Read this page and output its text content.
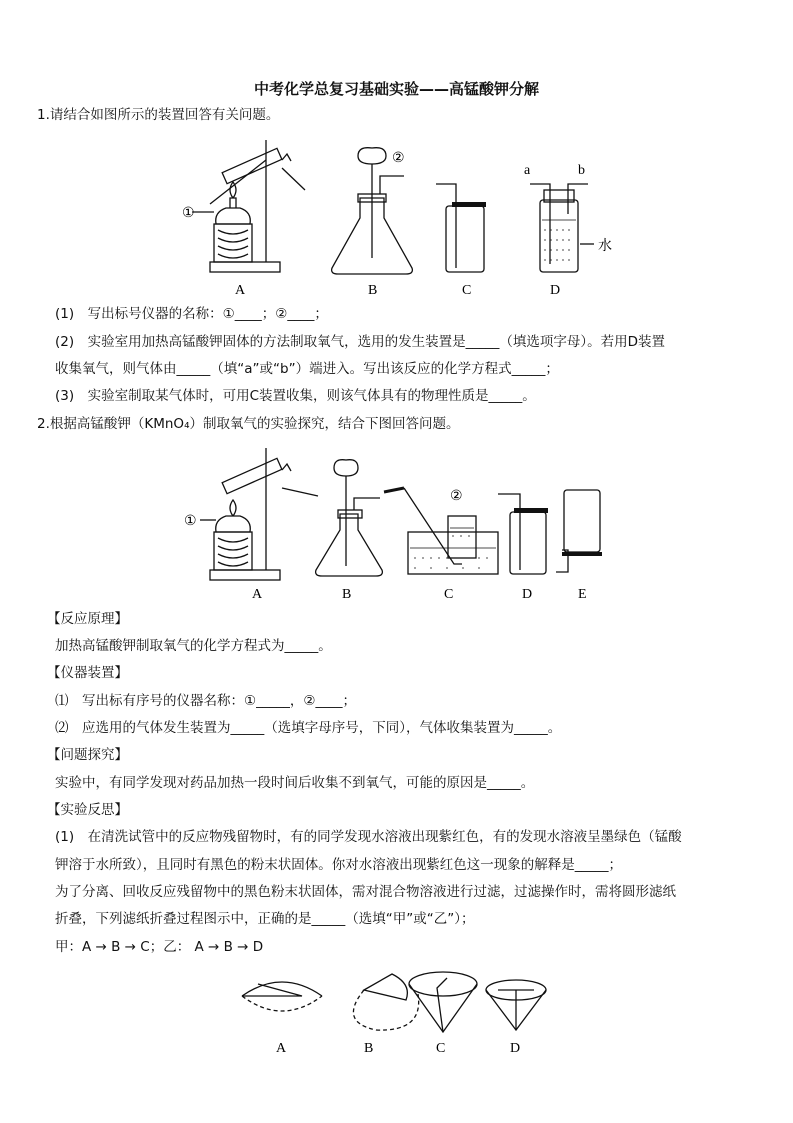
中考化学总复习基础实验——高锰酸钾分解
1.请结合如图所示的装置回答有关问题。
①
A
②
B	C
a	b
水
D
(1)　写出标号仪器的名称：①____；②____；
(2)　实验室用加热高锰酸钾固体的方法制取氧气，选用的发生装置是_____（填选项字母）。若用D装置
收集氧气，则气体由_____（填“a”或“b”）端进入。写出该反应的化学方程式_____；
(3)　实验室制取某气体时，可用C装置收集，则该气体具有的物理性质是_____。
2.根据高锰酸钾（KMnO₄）制取氧气的实验探究，结合下图回答问题。
①
A	B
②
C	D	E
【反应原理】
加热高锰酸钾制取氧气的化学方程式为_____。
【仪器装置】
⑴　写出标有序号的仪器名称：①_____，②____；
⑵　应选用的气体发生装置为_____（选填字母序号，下同），气体收集装置为_____。
【问题探究】
实验中，有同学发现对药品加热一段时间后收集不到氧气，可能的原因是_____。
【实验反思】
(1)　在清洗试管中的反应物残留物时，有的同学发现水溶液出现紫红色，有的发现水溶液呈墨绿色（锰酸
钾溶于水所致），且同时有黑色的粉末状固体。你对水溶液出现紫红色这一现象的解释是_____；
为了分离、回收反应残留物中的黑色粉末状固体，需对混合物溶液进行过滤，过滤操作时，需将圆形滤纸
折叠，下列滤纸折叠过程图示中，正确的是_____（选填“甲”或“乙”）；
甲：A → B → C；乙： A → B → D
A	B	C	D
